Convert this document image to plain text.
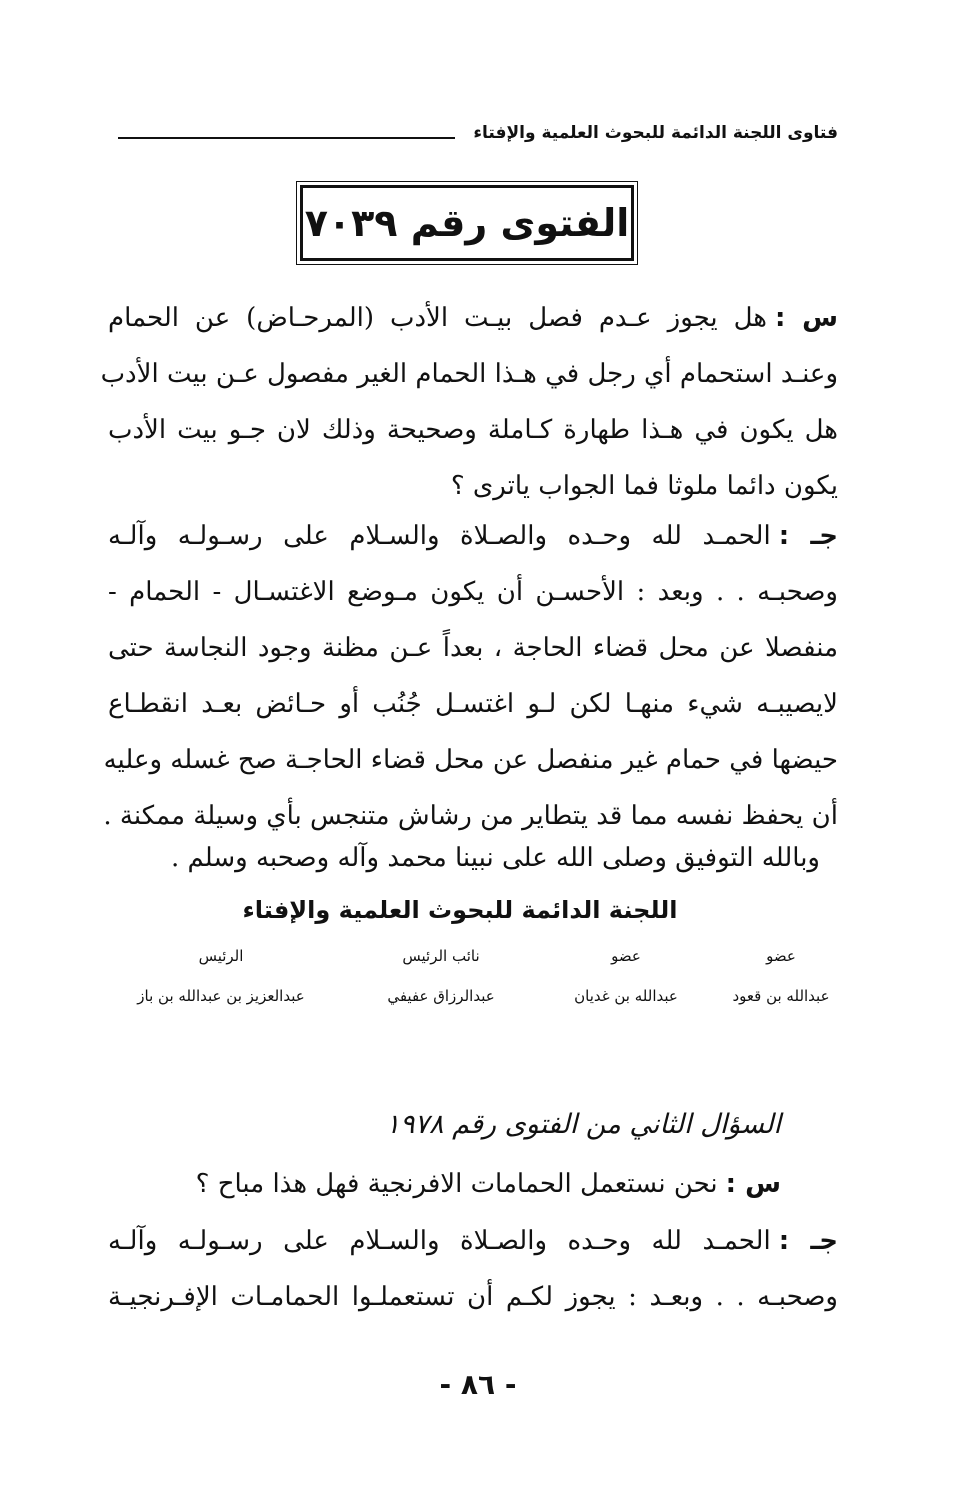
فتاوى اللجنة الدائمة للبحوث العلمية والإفتاء
الفتوى رقم ٧٠٣٩
س :هل يجوز عـدم فصل بيـت الأدب (المرحـاض) عن الحمام
وعنـد استحمام أي رجل في هـذا الحمام الغير مفصول عـن بيت الأدب
هل يكون في هـذا طهارة كـاملة وصحيحة وذلك لان جـو بيت الأدب
يكون دائما ملوثا فما الجواب ياترى ؟
جـ :الحمـد لله وحـده والصـلاة والسـلام على رسـولـه وآلـه
وصحبـه . . وبعد : الأحسـن أن يكون مـوضع الاغتسـال - الحمام -
منفصلا عن محل قضاء الحاجة ، بعداً عـن مظنة وجود النجاسة حتى
لايصيبـه شيء منهـا لكن لـو اغتسـل جُنُب أو حـائض بعـد انقطـاع
حيضها في حمام غير منفصل عن محل قضاء الحاجـة صح غسله وعليه
أن يحفظ نفسه مما قد يتطاير من رشاش متنجس بأي وسيلة ممكنة .
وبالله التوفيق وصلى الله على نبينا محمد وآله وصحبه وسلم .
اللجنة الدائمة للبحوث العلمية والإفتاء
عضو
عبدالله بن قعود
عضو
عبدالله بن غديان
نائب الرئيس
عبدالرزاق عفيفي
الرئيس
عبدالعزيز بن عبدالله بن باز
السؤال الثاني من الفتوى رقم ١٩٧٨
س :نحن نستعمل الحمامات الافرنجية فهل هذا مباح ؟
جـ :الحمـد لله وحـده والصـلاة والسـلام على رسـولـه وآلـه
وصحبـه . . وبعـد : يجوز لكـم أن تستعملـوا الحمامـات الإفـرنجيـة
- ٨٦ -
